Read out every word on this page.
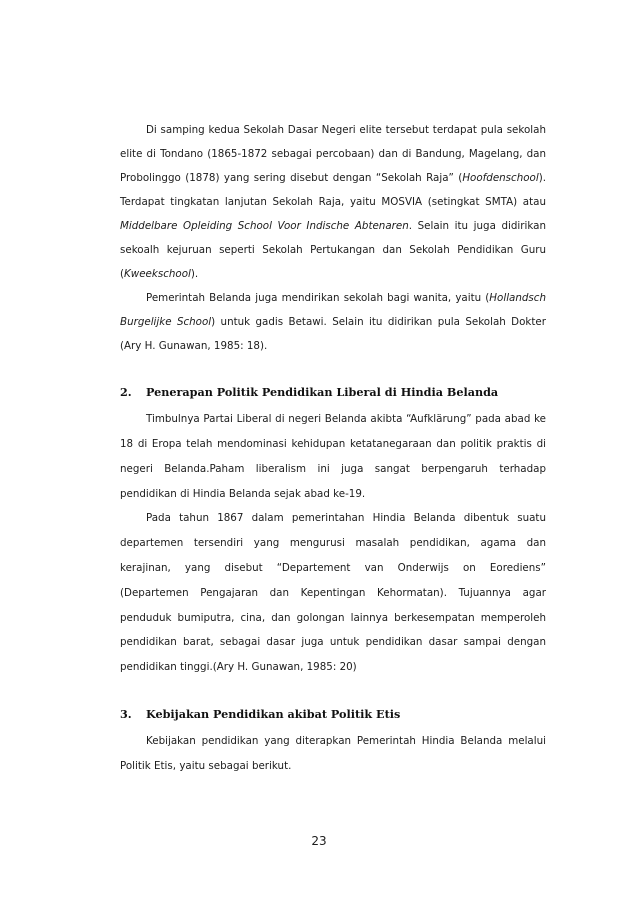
Di samping kedua Sekolah Dasar Negeri elite tersebut terdapat pula sekolah
elite di Tondano (1865-1872 sebagai percobaan) dan di Bandung, Magelang, dan
Probolinggo (1878) yang sering disebut dengan “Sekolah Raja” (Hoofdenschool).
Terdapat tingkatan lanjutan Sekolah Raja, yaitu MOSVIA (setingkat SMTA) atau
Middelbare Opleiding School Voor Indische Abtenaren. Selain itu juga didirikan
sekoalh kejuruan seperti Sekolah Pertukangan dan Sekolah Pendidikan Guru
(Kweekschool).
Pemerintah Belanda juga mendirikan sekolah bagi wanita, yaitu (Hollandsch
Burgelijke School) untuk gadis Betawi. Selain itu didirikan pula Sekolah Dokter
(Ary H. Gunawan, 1985: 18).
2. Penerapan Politik Pendidikan Liberal di Hindia Belanda
Timbulnya Partai Liberal di negeri Belanda akibta “Aufklärung” pada abad ke
18 di Eropa telah mendominasi kehidupan ketatanegaraan dan politik praktis di
negeri Belanda.Paham liberalism ini juga sangat berpengaruh terhadap
pendidikan di Hindia Belanda sejak abad ke-19.
Pada tahun 1867 dalam pemerintahan Hindia Belanda dibentuk suatu
departemen tersendiri yang mengurusi masalah pendidikan, agama dan
kerajinan, yang disebut “Departement van Onderwijs on Eorediens”
(Departemen Pengajaran dan Kepentingan Kehormatan). Tujuannya agar
penduduk bumiputra, cina, dan golongan lainnya berkesempatan memperoleh
pendidikan barat, sebagai dasar juga untuk pendidikan dasar sampai dengan
pendidikan tinggi.(Ary H. Gunawan, 1985: 20)
3. Kebijakan Pendidikan akibat Politik Etis
Kebijakan pendidikan yang diterapkan Pemerintah Hindia Belanda melalui
Politik Etis, yaitu sebagai berikut.
23
